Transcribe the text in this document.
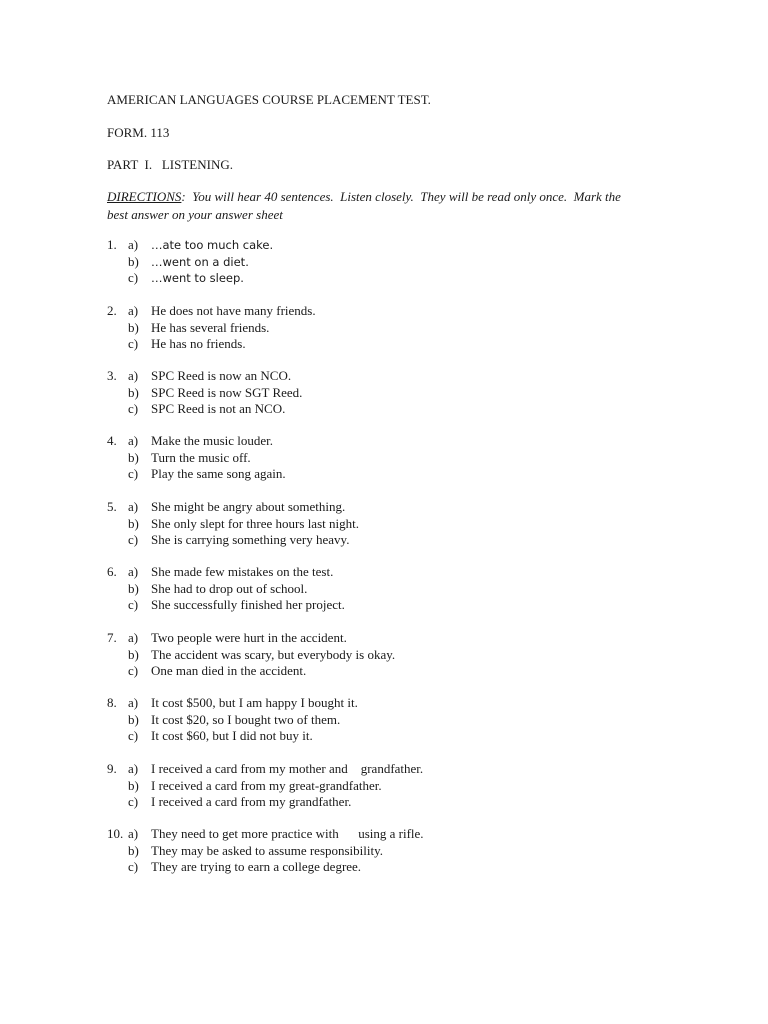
AMERICAN LANGUAGES COURSE PLACEMENT TEST.
FORM. 113
PART  I.   LISTENING.
DIRECTIONS:  You will hear 40 sentences.  Listen closely.  They will be read only once.  Mark the
best answer on your answer sheet
1. a) …ate too much cake.
b) …went on a diet.
c) …went to sleep.
2. a) He does not have many friends.
b) He has several friends.
c) He has no friends.
3. a) SPC Reed is now an NCO.
b) SPC Reed is now SGT Reed.
c) SPC Reed is not an NCO.
4. a) Make the music louder.
b) Turn the music off.
c) Play the same song again.
5. a) She might be angry about something.
b) She only slept for three hours last night.
c) She is carrying something very heavy.
6. a) She made few mistakes on the test.
b) She had to drop out of school.
c) She successfully finished her project.
7. a) Two people were hurt in the accident.
b) The accident was scary, but everybody is okay.
c) One man died in the accident.
8. a) It cost $500, but I am happy I bought it.
b) It cost $20, so I bought two of them.
c) It cost $60, but I did not buy it.
9. a) I received a card from my mother and    grandfather.
b) I received a card from my great-grandfather.
c) I received a card from my grandfather.
10. a) They need to get more practice with      using a rifle.
b) They may be asked to assume responsibility.
c) They are trying to earn a college degree.
